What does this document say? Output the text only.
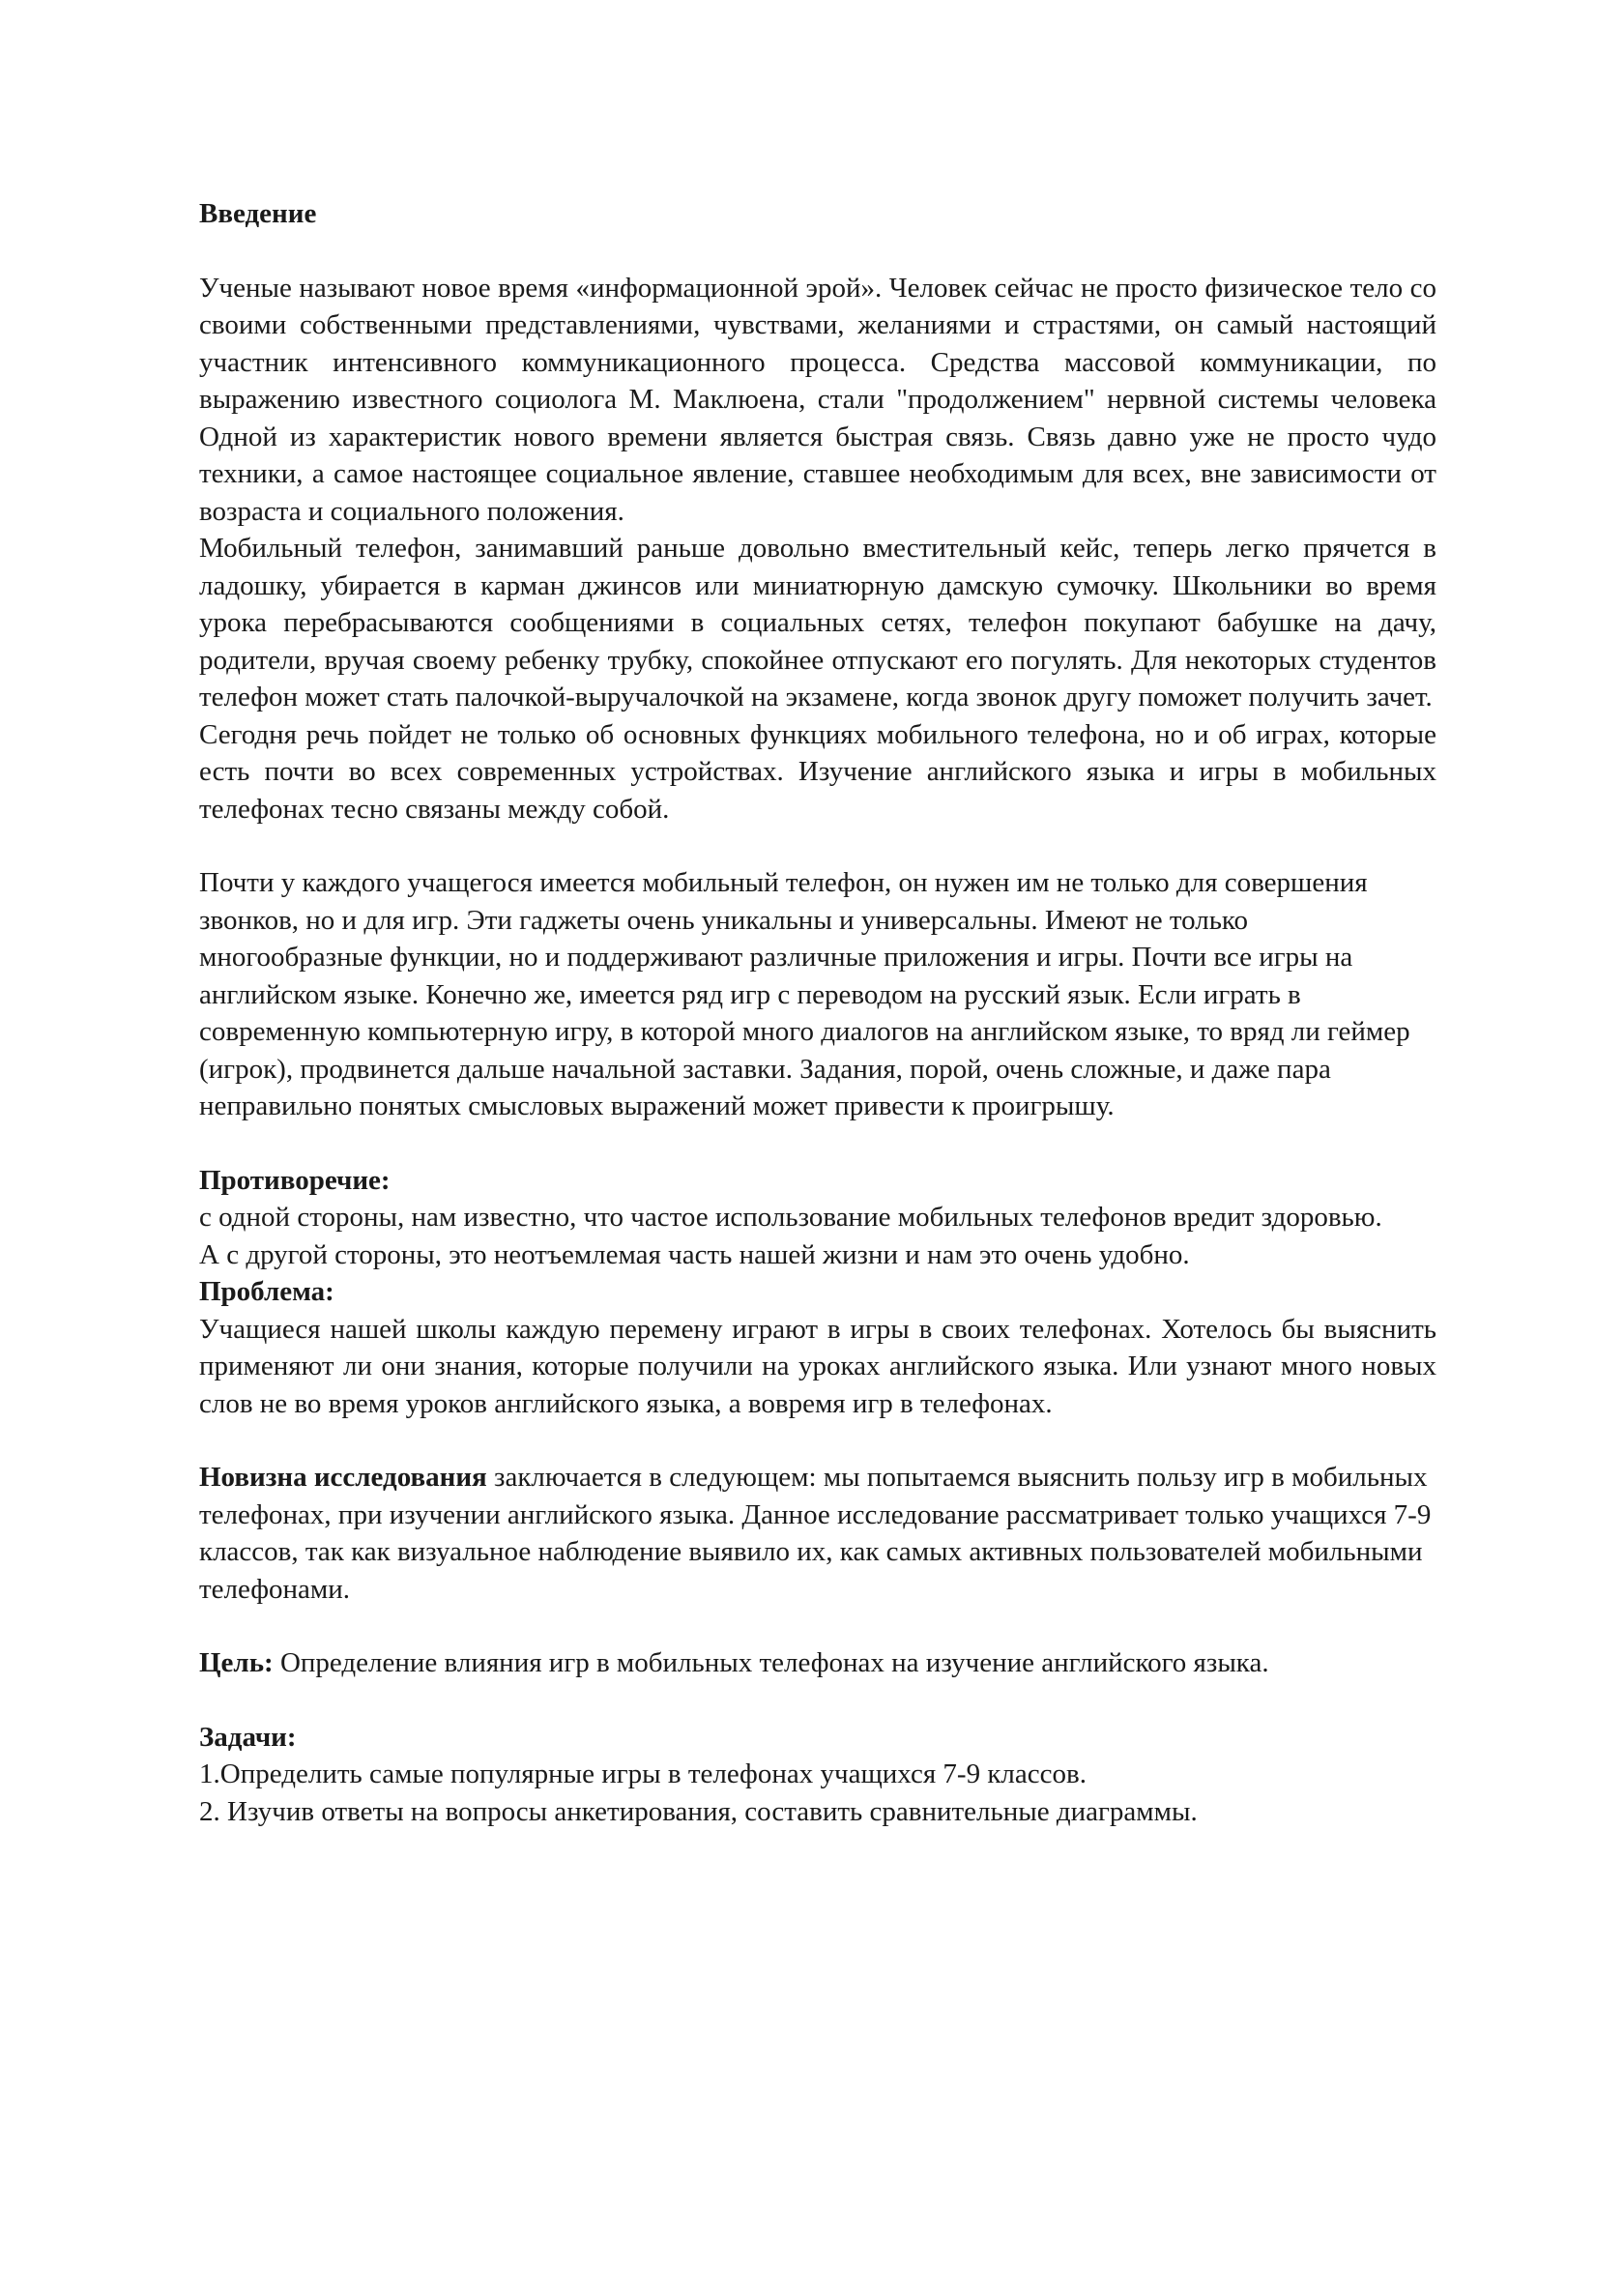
Введение

Ученые называют новое время «информационной эрой». Человек сейчас не просто физическое тело со своими собственными представлениями, чувствами, желаниями и страстями, он самый настоящий участник интенсивного коммуникационного процесса. Средства массовой коммуникации, по выражению известного социолога М. Маклюена, стали "продолжением" нервной системы человека Одной из характеристик нового времени является быстрая связь. Связь давно уже не просто чудо техники, а самое настоящее социальное явление, ставшее необходимым для всех, вне зависимости от возраста и социального положения.

Мобильный телефон, занимавший раньше довольно вместительный кейс, теперь легко прячется в ладошку, убирается в карман джинсов или миниатюрную дамскую сумочку. Школьники во время урока перебрасываются сообщениями в социальных сетях, телефон покупают бабушке на дачу, родители, вручая своему ребенку трубку, спокойнее отпускают его погулять. Для некоторых студентов телефон может стать палочкой-выручалочкой на экзамене, когда звонок другу поможет получить зачет.

Сегодня речь пойдет не только об основных функциях мобильного телефона, но и об играх, которые есть почти во всех современных устройствах. Изучение английского языка и игры в мобильных телефонах тесно связаны между собой.

Почти у каждого учащегося имеется мобильный телефон, он нужен им не только для совершения звонков, но и для игр. Эти гаджеты очень уникальны и универсальны. Имеют не только многообразные функции, но и поддерживают различные приложения и игры. Почти все игры на английском языке. Конечно же, имеется ряд игр с переводом на русский язык. Если играть в современную компьютерную игру, в которой много диалогов на английском языке, то вряд ли геймер (игрок), продвинется дальше начальной заставки. Задания, порой, очень сложные, и даже пара неправильно понятых смысловых выражений может привести к проигрышу.

Противоречие:

с одной стороны, нам известно, что частое использование мобильных телефонов вредит здоровью.

А с другой стороны, это неотъемлемая часть нашей жизни и нам это очень удобно.

Проблема:

Учащиеся нашей школы каждую перемену играют в игры в своих телефонах. Хотелось бы выяснить применяют ли они знания, которые получили на уроках английского языка. Или узнают много новых слов не во время уроков английского языка, а вовремя игр в телефонах.

Новизна исследования заключается в следующем: мы попытаемся выяснить пользу игр в мобильных телефонах, при изучении английского языка. Данное исследование рассматривает только учащихся 7-9 классов, так как визуальное наблюдение выявило их, как самых активных пользователей мобильными телефонами.

Цель: Определение влияния игр в мобильных телефонах на изучение английского языка.

Задачи:

1.Определить самые популярные игры в телефонах учащихся 7-9 классов.

2. Изучив ответы на вопросы анкетирования, составить сравнительные диаграммы.
